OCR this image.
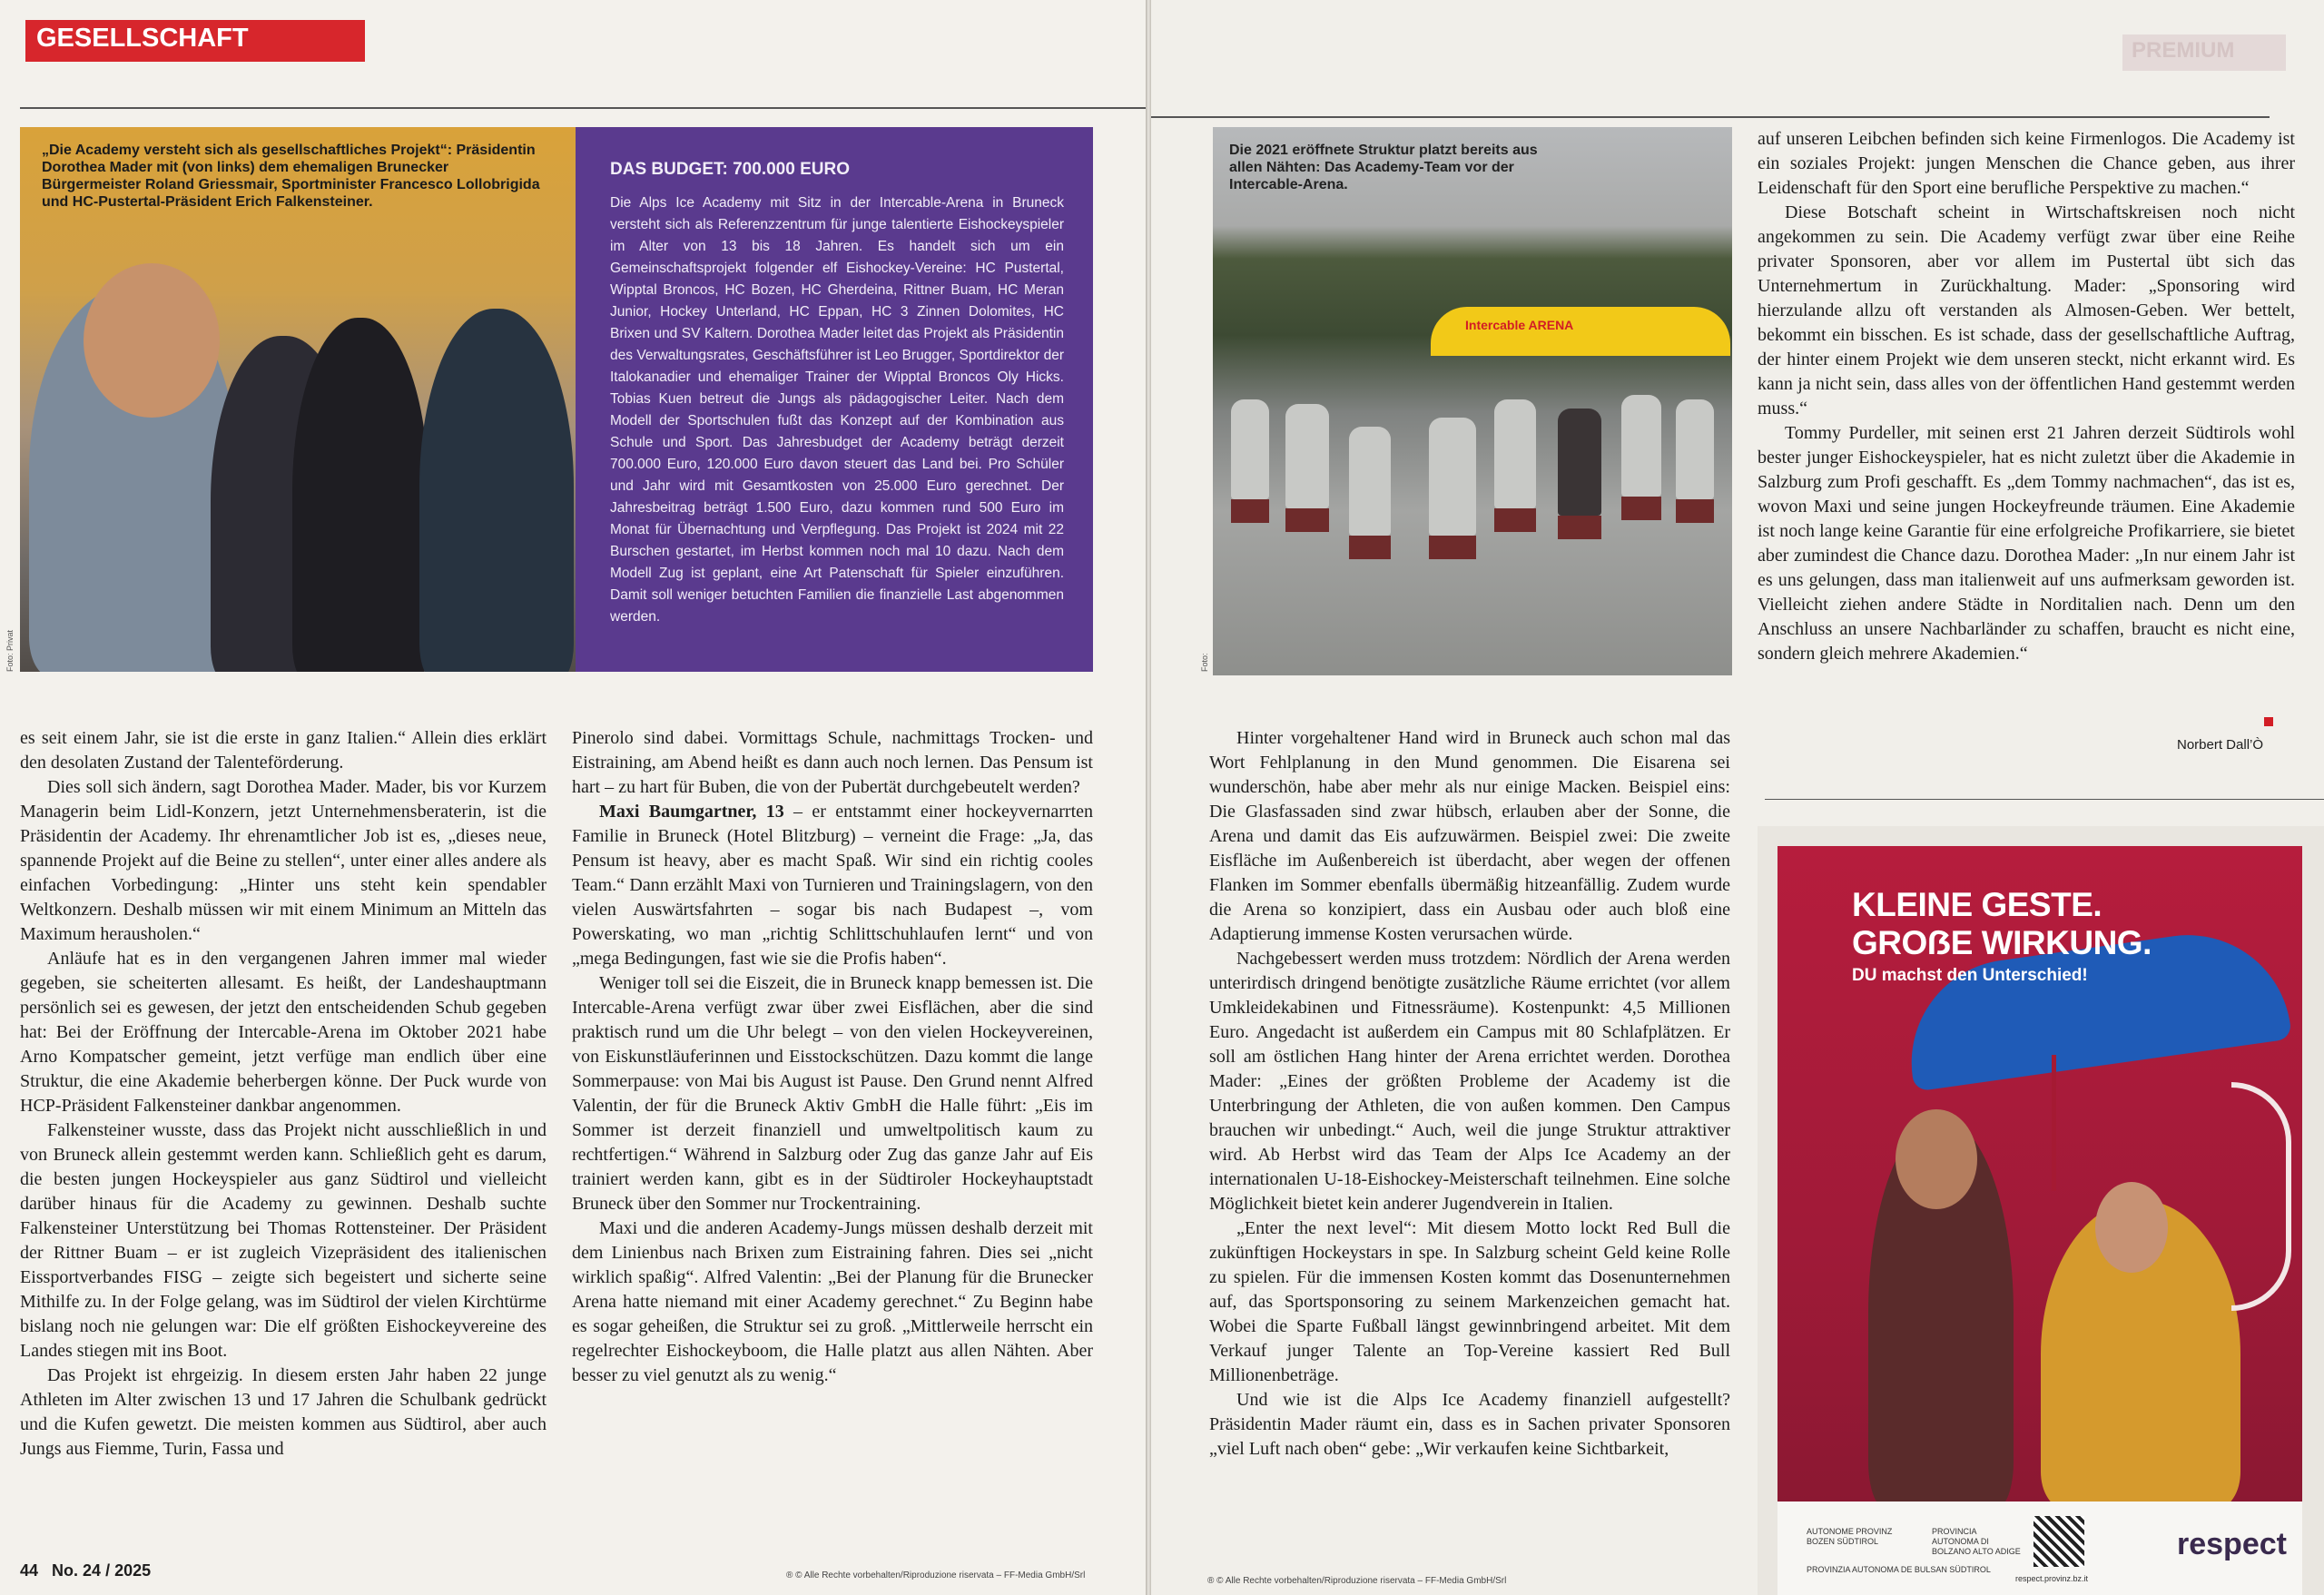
GESELLSCHAFT
„Die Academy versteht sich als gesellschaftliches Projekt“: Präsidentin Dorothea Mader mit (von links) dem ehemaligen Brunecker Bürgermeister Roland Griessmair, Sportminister Francesco Lollobrigida und HC-Pustertal-Präsident Erich Falkensteiner.
Foto: Privat
DAS BUDGET: 700.000 EURO
Die Alps Ice Academy mit Sitz in der Intercable-Arena in Bruneck versteht sich als Referenzzentrum für junge talentierte Eishockeyspieler im Alter von 13 bis 18 Jahren. Es handelt sich um ein Gemeinschaftsprojekt folgender elf Eishockey-Vereine: HC Pustertal, Wipptal Broncos, HC Bozen, HC Gherdeina, Rittner Buam, HC Meran Junior, Hockey Unterland, HC Eppan, HC 3 Zinnen Dolomites, HC Brixen und SV Kaltern. Dorothea Mader leitet das Projekt als Präsidentin des Verwaltungsrates, Geschäftsführer ist Leo Brugger, Sportdirektor der Italokanadier und ehemaliger Trainer der Wipptal Broncos Oly Hicks. Tobias Kuen betreut die Jungs als pädagogischer Leiter. Nach dem Modell der Sportschulen fußt das Konzept auf der Kombination aus Schule und Sport. Das Jahresbudget der Academy beträgt derzeit 700.000 Euro, 120.000 Euro davon steuert das Land bei. Pro Schüler und Jahr wird mit Gesamtkosten von 25.000 Euro gerechnet. Der Jahresbeitrag beträgt 1.500 Euro, dazu kommen rund 500 Euro im Monat für Übernachtung und Verpflegung. Das Projekt ist 2024 mit 22 Burschen gestartet, im Herbst kommen noch mal 10 dazu. Nach dem Modell Zug ist geplant, eine Art Patenschaft für Spieler einzuführen. Damit soll weniger betuchten Familien die finanzielle Last abgenommen werden.

es seit einem Jahr, sie ist die erste in ganz Italien.“ Allein dies erklärt den desolaten Zustand der Talenteförderung.

Dies soll sich ändern, sagt Dorothea Mader. Mader, bis vor Kurzem Managerin beim Lidl-Konzern, jetzt Unternehmensberaterin, ist die Präsidentin der Academy. Ihr ehrenamtlicher Job ist es, „dieses neue, spannende Projekt auf die Beine zu stellen“, unter einer alles andere als einfachen Vorbedingung: „Hinter uns steht kein spendabler Weltkonzern. Deshalb müssen wir mit einem Minimum an Mitteln das Maximum herausholen.“

Anläufe hat es in den vergangenen Jahren immer mal wieder gegeben, sie scheiterten allesamt. Es heißt, der Landeshauptmann persönlich sei es gewesen, der jetzt den entscheidenden Schub gegeben hat: Bei der Eröffnung der Intercable-Arena im Oktober 2021 habe Arno Kompatscher gemeint, jetzt verfüge man endlich über eine Struktur, die eine Akademie beherbergen könne. Der Puck wurde von HCP-Präsident Falkensteiner dankbar angenommen.

Falkensteiner wusste, dass das Projekt nicht ausschließlich in und von Bruneck allein gestemmt werden kann. Schließlich geht es darum, die besten jungen Hockeyspieler aus ganz Südtirol und vielleicht darüber hinaus für die Academy zu gewinnen. Deshalb suchte Falkensteiner Unterstützung bei Thomas Rottensteiner. Der Präsident der Rittner Buam – er ist zugleich Vizepräsident des italienischen Eissportverbandes FISG – zeigte sich begeistert und sicherte seine Mithilfe zu. In der Folge gelang, was im Südtirol der vielen Kirchtürme bislang noch nie gelungen war: Die elf größten Eishockeyvereine des Landes stiegen mit ins Boot.

Das Projekt ist ehrgeizig. In diesem ersten Jahr haben 22 junge Athleten im Alter zwischen 13 und 17 Jahren die Schulbank gedrückt und die Kufen gewetzt. Die meisten kommen aus Südtirol, aber auch Jungs aus Fiemme, Turin, Fassa und

Pinerolo sind dabei. Vormittags Schule, nachmittags Trocken- und Eistraining, am Abend heißt es dann auch noch lernen. Das Pensum ist hart – zu hart für Buben, die von der Pubertät durchgebeutelt werden?

Maxi Baumgartner, 13 – er entstammt einer hockeyvernarrten Familie in Bruneck (Hotel Blitzburg) – verneint die Frage: „Ja, das Pensum ist heavy, aber es macht Spaß. Wir sind ein richtig cooles Team.“ Dann erzählt Maxi von Turnieren und Trainingslagern, von den vielen Auswärtsfahrten – sogar bis nach Budapest –, vom Powerskating, wo man „richtig Schlittschuhlaufen lernt“ und von „mega Bedingungen, fast wie sie die Profis haben“.

Weniger toll sei die Eiszeit, die in Bruneck knapp bemessen ist. Die Intercable-Arena verfügt zwar über zwei Eisflächen, aber die sind praktisch rund um die Uhr belegt – von den vielen Hockeyvereinen, von Eiskunstläuferinnen und Eisstockschützen. Dazu kommt die lange Sommerpause: von Mai bis August ist Pause. Den Grund nennt Alfred Valentin, der für die Bruneck Aktiv GmbH die Halle führt: „Eis im Sommer ist derzeit finanziell und umweltpolitisch kaum zu rechtfertigen.“ Während in Salzburg oder Zug das ganze Jahr auf Eis trainiert werden kann, gibt es in der Südtiroler Hockeyhauptstadt Bruneck über den Sommer nur Trockentraining.

Maxi und die anderen Academy-Jungs müssen deshalb derzeit mit dem Linienbus nach Brixen zum Eistraining fahren. Dies sei „nicht wirklich spaßig“. Alfred Valentin: „Bei der Planung für die Brunecker Arena hatte niemand mit einer Academy gerechnet.“ Zu Beginn habe es sogar geheißen, die Struktur sei zu groß. „Mittlerweile herrscht ein regelrechter Eishockeyboom, die Halle platzt aus allen Nähten. Aber besser zu viel genutzt als zu wenig.“

44 No. 24 / 2025	® © Alle Rechte vorbehalten/Riproduzione riservata – FF-Media GmbH/Srl
PREMIUM
Die 2021 eröffnete Struktur platzt bereits aus allen Nähten: Das Academy-Team vor der Intercable-Arena.
Intercable ARENA
Foto:

auf unseren Leibchen befinden sich keine Firmenlogos. Die Academy ist ein soziales Projekt: jungen Menschen die Chance geben, aus ihrer Leidenschaft für den Sport eine berufliche Perspektive zu machen.“

Diese Botschaft scheint in Wirtschaftskreisen noch nicht angekommen zu sein. Die Academy verfügt zwar über eine Reihe privater Sponsoren, aber vor allem im Pustertal übt sich das Unternehmertum in Zurückhaltung. Mader: „Sponsoring wird hierzulande allzu oft verstanden als Almosen-Geben. Wer bettelt, bekommt ein bisschen. Es ist schade, dass der gesellschaftliche Auftrag, der hinter einem Projekt wie dem unseren steckt, nicht erkannt wird. Es kann ja nicht sein, dass alles von der öffentlichen Hand gestemmt werden muss.“

Tommy Purdeller, mit seinen erst 21 Jahren derzeit Südtirols wohl bester junger Eishockeyspieler, hat es nicht zuletzt über die Akademie in Salzburg zum Profi geschafft. Es „dem Tommy nachmachen“, das ist es, wovon Maxi und seine jungen Hockeyfreunde träumen. Eine Akademie ist noch lange keine Garantie für eine erfolgreiche Profikarriere, sie bietet aber zumindest die Chance dazu. Dorothea Mader: „In nur einem Jahr ist es uns gelungen, dass man italienweit auf uns aufmerksam geworden ist. Vielleicht ziehen andere Städte in Norditalien nach. Denn um den Anschluss an unsere Nachbarländer zu schaffen, braucht es nicht eine, sondern gleich mehrere Akademien.“

Norbert Dall’Ò

Hinter vorgehaltener Hand wird in Bruneck auch schon mal das Wort Fehlplanung in den Mund genommen. Die Eisarena sei wunderschön, habe aber mehr als nur einige Macken. Beispiel eins: Die Glasfassaden sind zwar hübsch, erlauben aber der Sonne, die Arena und damit das Eis aufzuwärmen. Beispiel zwei: Die zweite Eisfläche im Außenbereich ist überdacht, aber wegen der offenen Flanken im Sommer ebenfalls übermäßig hitzeanfällig. Zudem wurde die Arena so konzipiert, dass ein Ausbau oder auch bloß eine Adaptierung immense Kosten verursachen würde.

Nachgebessert werden muss trotzdem: Nördlich der Arena werden unterirdisch dringend benötigte zusätzliche Räume errichtet (vor allem Umkleidekabinen und Fitnessräume). Kostenpunkt: 4,5 Millionen Euro. Angedacht ist außerdem ein Campus mit 80 Schlafplätzen. Er soll am östlichen Hang hinter der Arena errichtet werden. Dorothea Mader: „Eines der größten Probleme der Academy ist die Unterbringung der Athleten, die von außen kommen. Den Campus brauchen wir unbedingt.“ Auch, weil die junge Struktur attraktiver wird. Ab Herbst wird das Team der Alps Ice Academy an der internationalen U-18-Eishockey-Meisterschaft teilnehmen. Eine solche Möglichkeit bietet kein anderer Jugendverein in Italien.

„Enter the next level“: Mit diesem Motto lockt Red Bull die zukünftigen Hockeystars in spe. In Salzburg scheint Geld keine Rolle zu spielen. Für die immensen Kosten kommt das Dosenunternehmen auf, das Sportsponsoring zu seinem Markenzeichen gemacht hat. Wobei die Sparte Fußball längst gewinnbringend arbeitet. Mit dem Verkauf junger Talente an Top-Vereine kassiert Red Bull Millionenbeträge.

Und wie ist die Alps Ice Academy finanziell aufgestellt? Präsidentin Mader räumt ein, dass es in Sachen privater Sponsoren „viel Luft nach oben“ gebe: „Wir verkaufen keine Sichtbarkeit,

KLEINE GESTE.
GROẞE WIRKUNG.
DU machst den Unterschied!
AUTONOME PROVINZ BOZEN SÜDTIROL
PROVINCIA AUTONOMA DI BOLZANO ALTO ADIGE
PROVINZIA AUTONOMA DE BULSAN SÜDTIROL
respect.provinz.bz.it
respect
® © Alle Rechte vorbehalten/Riproduzione riservata – FF-Media GmbH/Srl
